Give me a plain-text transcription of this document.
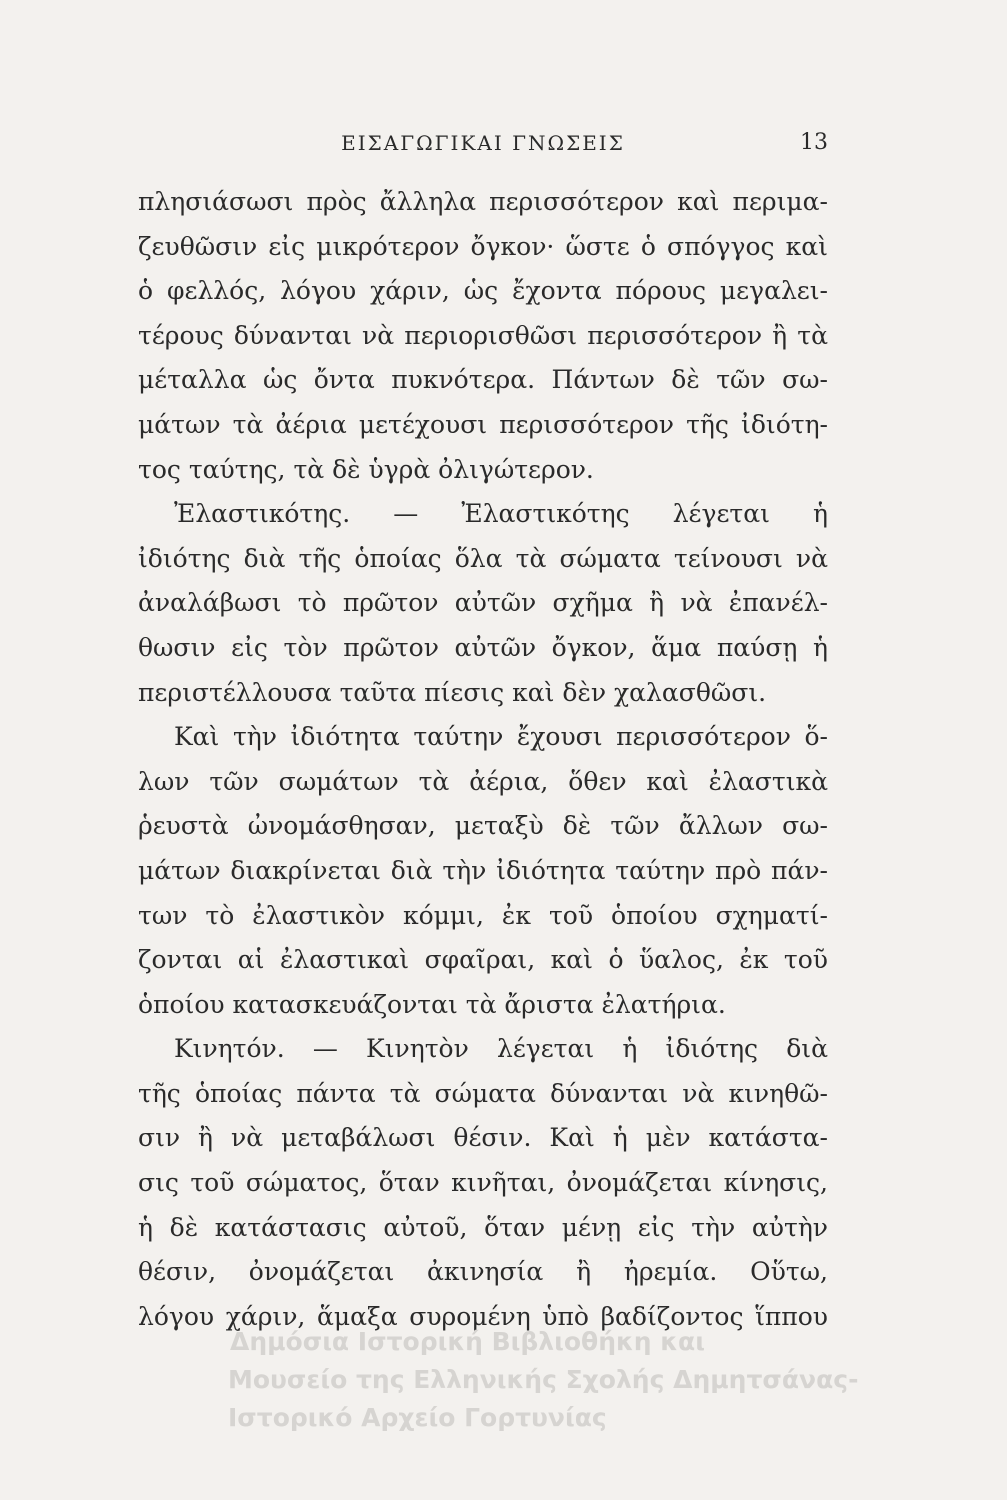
ΕΙΣΑΓΩΓΙΚΑΙ ΓΝΩΣΕΙΣ	13
πλησιάσωσι πρὸς ἄλληλα περισσότερον καὶ περιμα-
ζευθῶσιν εἰς μικρότερον ὄγκον· ὥστε ὁ σπόγγος καὶ
ὁ φελλός, λόγου χάριν, ὡς ἔχοντα πόρους μεγαλει-
τέρους δύνανται νὰ περιορισθῶσι περισσότερον ἢ τὰ
μέταλλα ὡς ὄντα πυκνότερα. Πάντων δὲ τῶν σω-
μάτων τὰ ἀέρια μετέχουσι περισσότερον τῆς ἰδιότη-
τος ταύτης, τὰ δὲ ὑγρὰ ὀλιγώτερον.
Ἐλαστικότης. — Ἐλαστικότης λέγεται ἡ
ἰδιότης διὰ τῆς ὁποίας ὅλα τὰ σώματα τείνουσι νὰ
ἀναλάβωσι τὸ πρῶτον αὐτῶν σχῆμα ἢ νὰ ἐπανέλ-
θωσιν εἰς τὸν πρῶτον αὐτῶν ὄγκον, ἅμα παύσῃ ἡ
περιστέλλουσα ταῦτα πίεσις καὶ δὲν χαλασθῶσι.
Καὶ τὴν ἰδιότητα ταύτην ἔχουσι περισσότερον ὅ-
λων τῶν σωμάτων τὰ ἀέρια, ὅθεν καὶ ἐλαστικὰ
ῥευστὰ ὠνομάσθησαν, μεταξὺ δὲ τῶν ἄλλων σω-
μάτων διακρίνεται διὰ τὴν ἰδιότητα ταύτην πρὸ πάν-
των τὸ ἐλαστικὸν κόμμι, ἐκ τοῦ ὁποίου σχηματί-
ζονται αἱ ἐλαστικαὶ σφαῖραι, καὶ ὁ ὕαλος, ἐκ τοῦ
ὁποίου κατασκευάζονται τὰ ἄριστα ἐλατήρια.
Κινητόν. — Κινητὸν λέγεται ἡ ἰδιότης διὰ
τῆς ὁποίας πάντα τὰ σώματα δύνανται νὰ κινηθῶ-
σιν ἢ νὰ μεταβάλωσι θέσιν. Καὶ ἡ μὲν κατάστα-
σις τοῦ σώματος, ὅταν κινῆται, ὀνομάζεται κίνησις,
ἡ δὲ κατάστασις αὐτοῦ, ὅταν μένῃ εἰς τὴν αὐτὴν
θέσιν, ὀνομάζεται ἀκινησία ἢ ἠρεμία. Οὕτω,
λόγου χάριν, ἅμαξα συρομένη ὑπὸ βαδίζοντος ἵππου
Δημόσια Ιστορική Βιβλιοθήκη και
Μουσείο της Ελληνικής Σχολής Δημητσάνας-
Ιστορικό Αρχείο Γορτυνίας
